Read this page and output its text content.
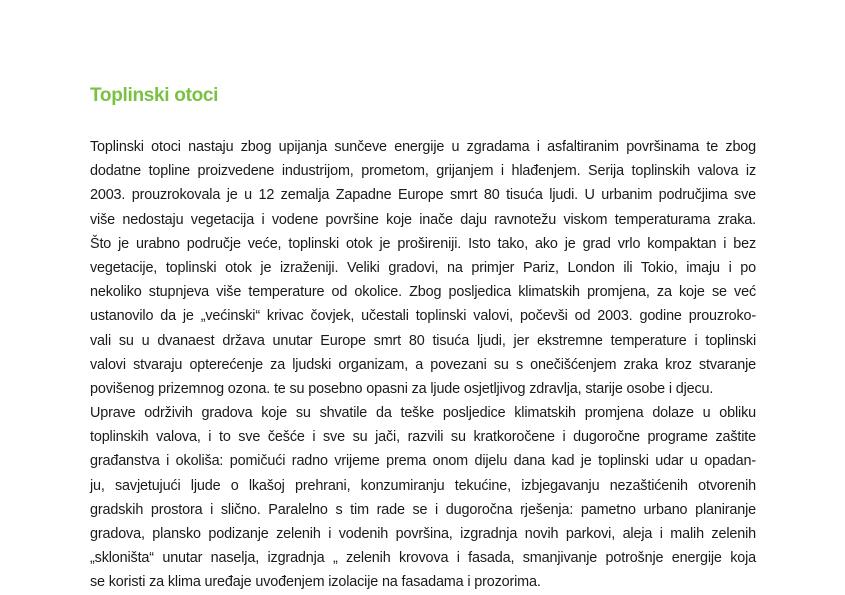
Toplinski otoci
Toplinski otoci nastaju zbog upijanja sunčeve energije u zgradama i asfaltiranim površinama te zbog
dodatne topline proizvedene industrijom, prometom, grijanjem i hlađenjem. Serija toplinskih valova iz
2003. prouzrokovala je u 12 zemalja Zapadne Europe smrt 80 tisuća ljudi. U urbanim područjima sve
više nedostaju vegetacija i vodene površine koje inače daju ravnotežu viskom temperaturama zraka.
Što je urabno područje veće, toplinski otok je prošireniji. Isto tako, ako je grad vrlo kompaktan i bez
vegetacije, toplinski otok je izraženiji. Veliki gradovi, na primjer Pariz, London ili Tokio, imaju i po
nekoliko stupnjeva više temperature od okolice. Zbog posljedica klimatskih promjena, za koje se već
ustanovilo da je „većinski“ krivac čovjek, učestali toplinski valovi, počevši od 2003. godine prouzroko-
vali su u dvanaest država unutar Europe smrt 80 tisuća ljudi, jer ekstremne temperature i toplinski
valovi stvaraju opterećenje za ljudski organizam, a povezani su s onečišćenjem zraka kroz stvaranje
povišenog prizemnog ozona. te su posebno opasni za ljude osjetljivog zdravlja, starije osobe i djecu.
Uprave održivih gradova koje su shvatile da teške posljedice klimatskih promjena dolaze u obliku
toplinskih valova, i to sve češće i sve su jači, razvili su kratkoročene i dugoročne programe zaštite
građanstva i okoliša: pomičući radno vrijeme prema onom dijelu dana kad je toplinski udar u opadan-
ju, savjetujući ljude o lkašoj prehrani, konzumiranju tekućine, izbjegavanju nezaštićenih otvorenih
gradskih prostora i slično. Paralelno s tim rade se i dugoročna rješenja: pametno urbano planiranje
gradova, plansko podizanje zelenih i vodenih površina, izgradnja novih parkovi, aleja i malih zelenih
„skloništa“ unutar naselja, izgradnja „ zelenih krovova i fasada, smanjivanje potrošnje energije koja
se koristi za klima uređaje uvođenjem izolacije na fasadama i prozorima.
